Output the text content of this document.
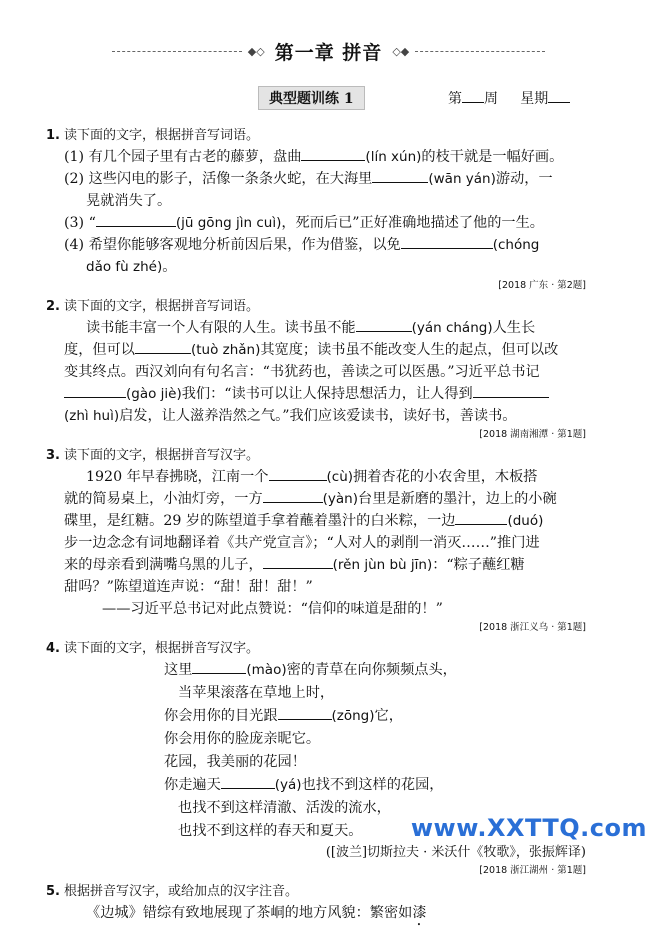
◆◇ 第一章 拼音 ◇◆
典型题训练 1	第 周 星期
1. 读下面的文字，根据拼音写词语。
(1) 有几个园子里有古老的藤萝，盘曲	(lín xún)的枝干就是一幅好画。
(2) 这些闪电的影子，活像一条条火蛇，在大海里	(wān yán)游动，一
晃就消失了。
(3) “	(jū gōng jìn cuì)，死而后已”正好准确地描述了他的一生。
(4) 希望你能够客观地分析前因后果，作为借鉴，以免	(chóng
dǎo fù zhé)。
[2018 广东 · 第2题]
2. 读下面的文字，根据拼音写词语。
读书能丰富一个人有限的人生。读书虽不能	(yán cháng)人生长
度，但可以	(tuò zhǎn)其宽度；读书虽不能改变人生的起点，但可以改
变其终点。西汉刘向有句名言：“书犹药也，善读之可以医愚。”习近平总书记
(gào jiè)我们：“读书可以让人保持思想活力，让人得到
(zhì huì)启发，让人滋养浩然之气。”我们应该爱读书，读好书，善读书。
[2018 湖南湘潭 · 第1题]
3. 读下面的文字，根据拼音写汉字。
1920 年早春拂晓，江南一个	(cù)拥着杏花的小农舍里，木板搭
就的简易桌上，小油灯旁，一方	(yàn)台里是新磨的墨汁，边上的小碗
碟里，是红糖。29 岁的陈望道手拿着蘸着墨汁的白米粽，一边	(duó)
步一边念念有词地翻译着《共产党宣言》；“人对人的剥削一消灭……”推门进
来的母亲看到满嘴乌黑的儿子，	(rěn jùn bù jīn)：“粽子蘸红糖
甜吗？”陈望道连声说：“甜！甜！甜！”
——习近平总书记对此点赞说：“信仰的味道是甜的！”
[2018 浙江义乌 · 第1题]
4. 读下面的文字，根据拼音写汉字。
这里	(mào)密的青草在向你频频点头，
当苹果滚落在草地上时，
你会用你的目光跟	(zōng)它，
你会用你的脸庞亲昵它。
花园，我美丽的花园！
你走遍天	(yá)也找不到这样的花园，
也找不到这样清澈、活泼的流水，
也找不到这样的春天和夏天。
([波兰]切斯拉夫 · 米沃什《牧歌》，张振辉译)
[2018 浙江湖州 · 第1题]
5. 根据拼音写汉字，或给加点的汉字注音。
《边城》错综有致地展现了茶峒的地方风貌：繁密如漆
www.XXTTQ.com
